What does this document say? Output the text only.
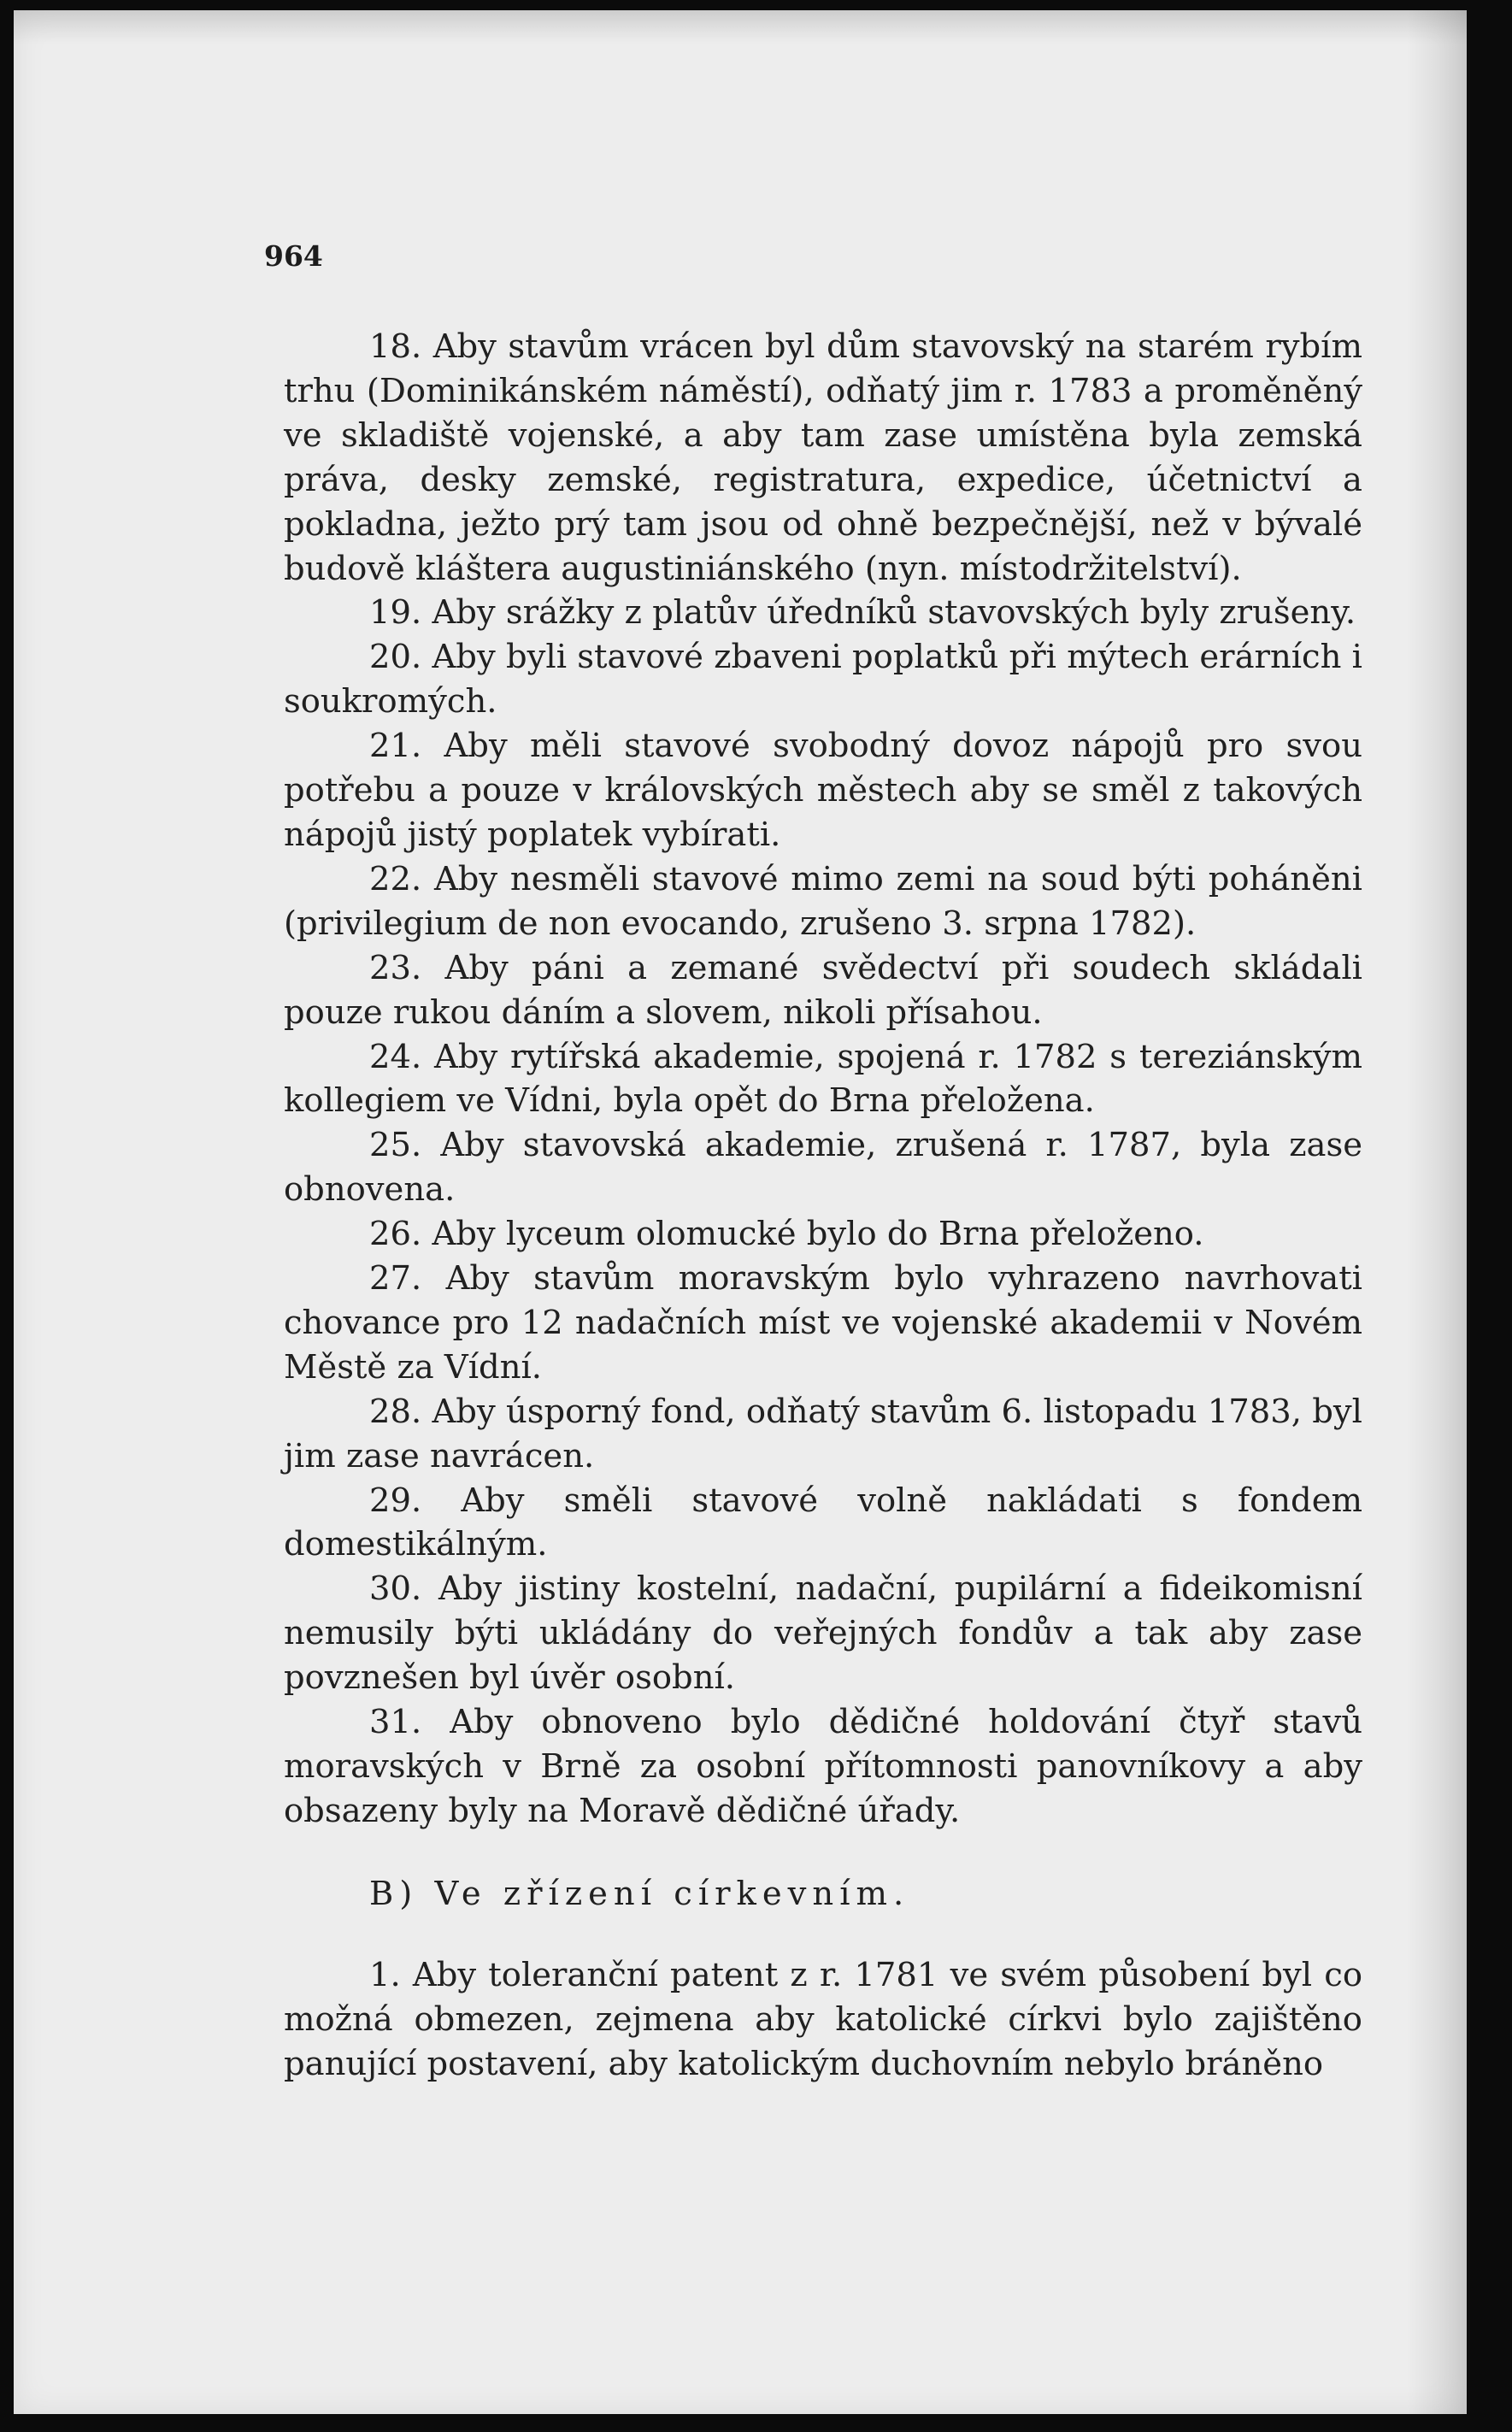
964

18. Aby stavům vrácen byl dům stavovský na starém rybím trhu (Dominikánském náměstí), odňatý jim r. 1783 a proměněný ve skladiště vojenské, a aby tam zase umístěna byla zemská práva, desky zemské, registratura, expedice, účetnictví a pokladna, ježto prý tam jsou od ohně bezpečnější, než v bývalé budově kláštera augustiniánského (nyn. místodržitelství).

19. Aby srážky z platův úředníků stavovských byly zrušeny.

20. Aby byli stavové zbaveni poplatků při mýtech erárních i soukromých.

21. Aby měli stavové svobodný dovoz nápojů pro svou potřebu a pouze v královských městech aby se směl z takových nápojů jistý poplatek vybírati.

22. Aby nesměli stavové mimo zemi na soud býti poháněni (privilegium de non evocando, zrušeno 3. srpna 1782).

23. Aby páni a zemané svědectví při soudech skládali pouze rukou dáním a slovem, nikoli přísahou.

24. Aby rytířská akademie, spojená r. 1782 s tereziánským kollegiem ve Vídni, byla opět do Brna přeložena.

25. Aby stavovská akademie, zrušená r. 1787, byla zase obnovena.

26. Aby lyceum olomucké bylo do Brna přeloženo.

27. Aby stavům moravským bylo vyhrazeno navrhovati chovance pro 12 nadačních míst ve vojenské akademii v Novém Městě za Vídní.

28. Aby úsporný fond, odňatý stavům 6. listopadu 1783, byl jim zase navrácen.

29. Aby směli stavové volně nakládati s fondem domestikálným.

30. Aby jistiny kostelní, nadační, pupilární a fideikomisní nemusily býti ukládány do veřejných fondův a tak aby zase povznešen byl úvěr osobní.

31. Aby obnoveno bylo dědičné holdování čtyř stavů moravských v Brně za osobní přítomnosti panovníkovy a aby obsazeny byly na Moravě dědičné úřady.

B) Ve zřízení církevním.

1. Aby toleranční patent z r. 1781 ve svém působení byl co možná obmezen, zejmena aby katolické církvi bylo zajištěno panující postavení, aby katolickým duchovním nebylo bráněno
